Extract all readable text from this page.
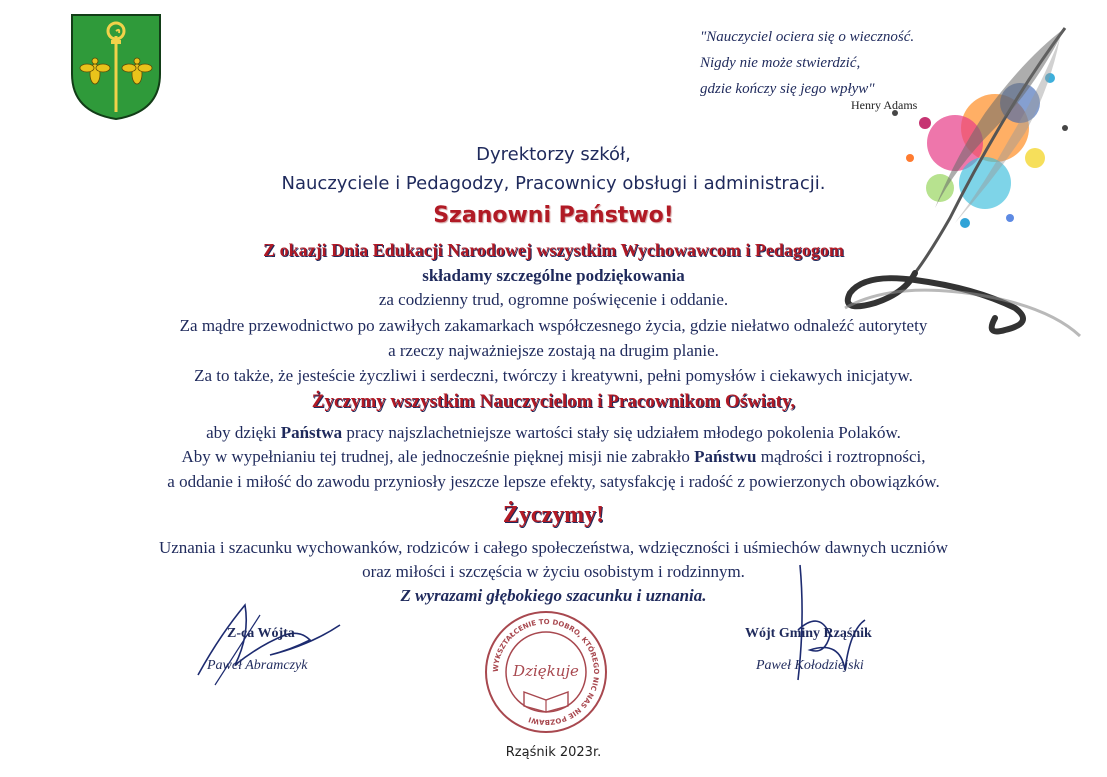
"Nauczyciel ociera się o wieczność.
Nigdy nie może stwierdzić,
gdzie kończy się jego wpływ"
Henry Adams
Dyrektorzy szkół,
Nauczyciele i Pedagodzy, Pracownicy obsługi i administracji.
Szanowni Państwo!
Z okazji Dnia Edukacji Narodowej wszystkim Wychowawcom i Pedagogom
składamy szczególne podziękowania
za codzienny trud, ogromne poświęcenie i oddanie.
Za mądre przewodnictwo po zawiłych zakamarkach współczesnego życia, gdzie niełatwo odnaleźć autorytety
a rzeczy najważniejsze zostają na drugim planie.
Za to także, że jesteście życzliwi i serdeczni, twórczy i kreatywni, pełni pomysłów i ciekawych inicjatyw.
Życzymy wszystkim Nauczycielom i Pracownikom Oświaty,
aby dzięki Państwa pracy najszlachetniejsze wartości stały się udziałem młodego pokolenia Polaków.
Aby w wypełnianiu tej trudnej, ale jednocześnie pięknej misji nie zabrakło Państwu mądrości i roztropności,
a oddanie i miłość do zawodu przyniosły jeszcze lepsze efekty, satysfakcję i radość z powierzonych obowiązków.
Życzymy!
Uznania i szacunku wychowanków, rodziców i całego społeczeństwa, wdzięczności i uśmiechów dawnych uczniów
oraz miłości i szczęścia w życiu osobistym i rodzinnym.
Z wyrazami głębokiego szacunku i uznania.
Z-ca Wójta
Paweł Abramczyk
Wójt Gminy Rząśnik
Paweł Kołodziejski
WYKSZTAŁCENIE TO DOBRO, KTÓREGO NIC NAS NIE POZBAWI
Dziękuje
Rząśnik 2023r.
